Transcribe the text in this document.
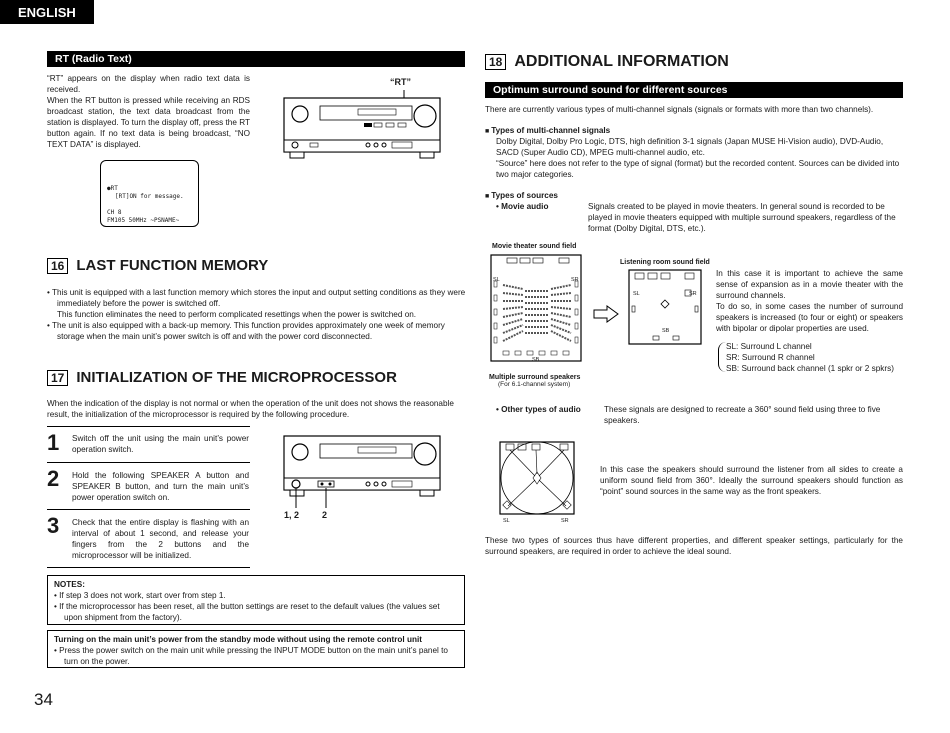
ENGLISH
RT (Radio Text)
“RT” appears on the display when radio text data is received.
When the RT button is pressed while receiving an RDS broadcast station, the text data broadcast from the station is displayed. To turn the display off, press the RT button again. If no text data is being broadcast, “NO TEXT DATA” is displayed.
“RT”
●RT
[RT]ON for message.

CH 8
FM105 50MHz ~PSNAME~
16 LAST FUNCTION MEMORY
• This unit is equipped with a last function memory which stores the input and output setting conditions as they were immediately before the power is switched off.
This function eliminates the need to perform complicated resettings when the power is switched on.
• The unit is also equipped with a back-up memory. This function provides approximately one week of memory storage when the main unit’s power switch is off and with the power cord disconnected.
17 INITIALIZATION OF THE MICROPROCESSOR
When the indication of the display is not normal or when the operation of the unit does not shows the reasonable result, the initialization of the microprocessor is required by the following procedure.
1 Switch off the unit using the main unit’s power operation switch.
2 Hold the following SPEAKER A button and SPEAKER B button, and turn the main unit’s power operation switch on.
3 Check that the entire display is flashing with an interval of about 1 second, and release your fingers from the 2 buttons and the microprocessor will be initialized.
1, 2	2
NOTES:
• If step 3 does not work, start over from step 1.
• If the microprocessor has been reset, all the button settings are reset to the default values (the values set upon shipment from the factory).
Turning on the main unit’s power from the standby mode without using the remote control unit
• Press the power switch on the main unit while pressing the INPUT MODE button on the main unit’s panel to turn on the power.
34
18 ADDITIONAL INFORMATION
Optimum surround sound for different sources
There are currently various types of multi-channel signals (signals or formats with more than two channels).
■ Types of multi-channel signals
Dolby Digital, Dolby Pro Logic, DTS, high definition 3-1 signals (Japan MUSE Hi-Vision audio), DVD-Audio, SACD (Super Audio CD), MPEG multi-channel audio, etc.
“Source” here does not refer to the type of signal (format) but the recorded content. Sources can be divided into two major categories.
■ Types of sources
• Movie audio	Signals created to be played in movie theaters. In general sound is recorded to be played in movie theaters equipped with multiple surround speakers, regardless of the format (Dolby Digital, DTS, etc.).
Movie theater sound field
SL	SR
SB
Multiple surround speakers
(For 6.1-channel system)
Listening room sound field
SL	SR
SB
In this case it is important to achieve the same sense of expansion as in a movie theater with the surround channels.
To do so, in some cases the number of surround speakers is increased (to four or eight) or speakers with bipolar or dipolar properties are used.
SL: Surround L channel
SR: Surround R channel
SB: Surround back channel (1 spkr or 2 spkrs)
• Other types of audio	These signals are designed to recreate a 360° sound field using three to five speakers.
SL	SR
In this case the speakers should surround the listener from all sides to create a uniform sound field from 360°. Ideally the surround speakers should function as “point” sound sources in the same way as the front speakers.
These two types of sources thus have different properties, and different speaker settings, particularly for the surround speakers, are required in order to achieve the ideal sound.
